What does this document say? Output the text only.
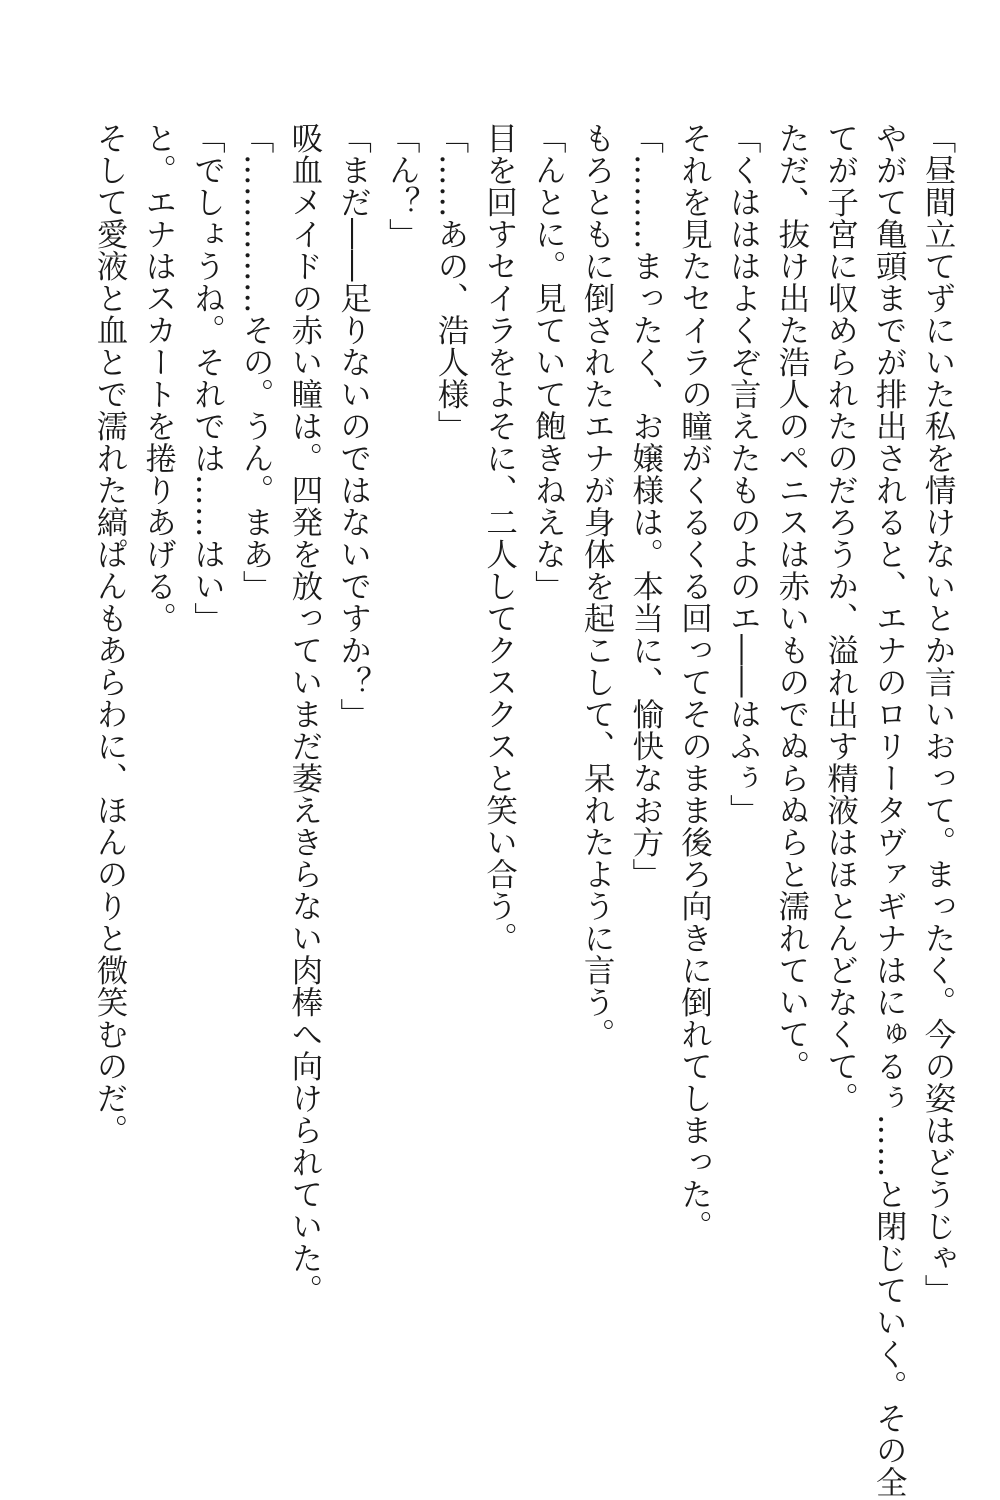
「昼間立てずにいた私を情けないとか言いおって。まったく。今の姿はどうじゃ」
やがて亀頭までが排出されると、エナのロリータヴァギナはにゅるぅ……と閉じていく。その全
てが子宮に収められたのだろうか、溢れ出す精液はほとんどなくて。
ただ、抜け出た浩人のペニスは赤いものでぬらぬらと濡れていて。
「くはははよくぞ言えたものよのエ――はふぅ」
それを見たセイラの瞳がくるくる回ってそのまま後ろ向きに倒れてしまった。
「………まったく、お嬢様は。本当に、愉快なお方」
もろともに倒されたエナが身体を起こして、呆れたように言う。
「んとに。見ていて飽きねえな」
目を回すセイラをよそに、二人してクスクスと笑い合う。
「……あの、浩人様」
「ん？」
「まだ――足りないのではないですか？」
吸血メイドの赤い瞳は。四発を放っていまだ萎えきらない肉棒へ向けられていた。
「……………その。うん。まあ」
「でしょうね。それでは……はい」
と。エナはスカートを捲りあげる。
そして愛液と血とで濡れた縞ぱんもあらわに、ほんのりと微笑むのだ。
